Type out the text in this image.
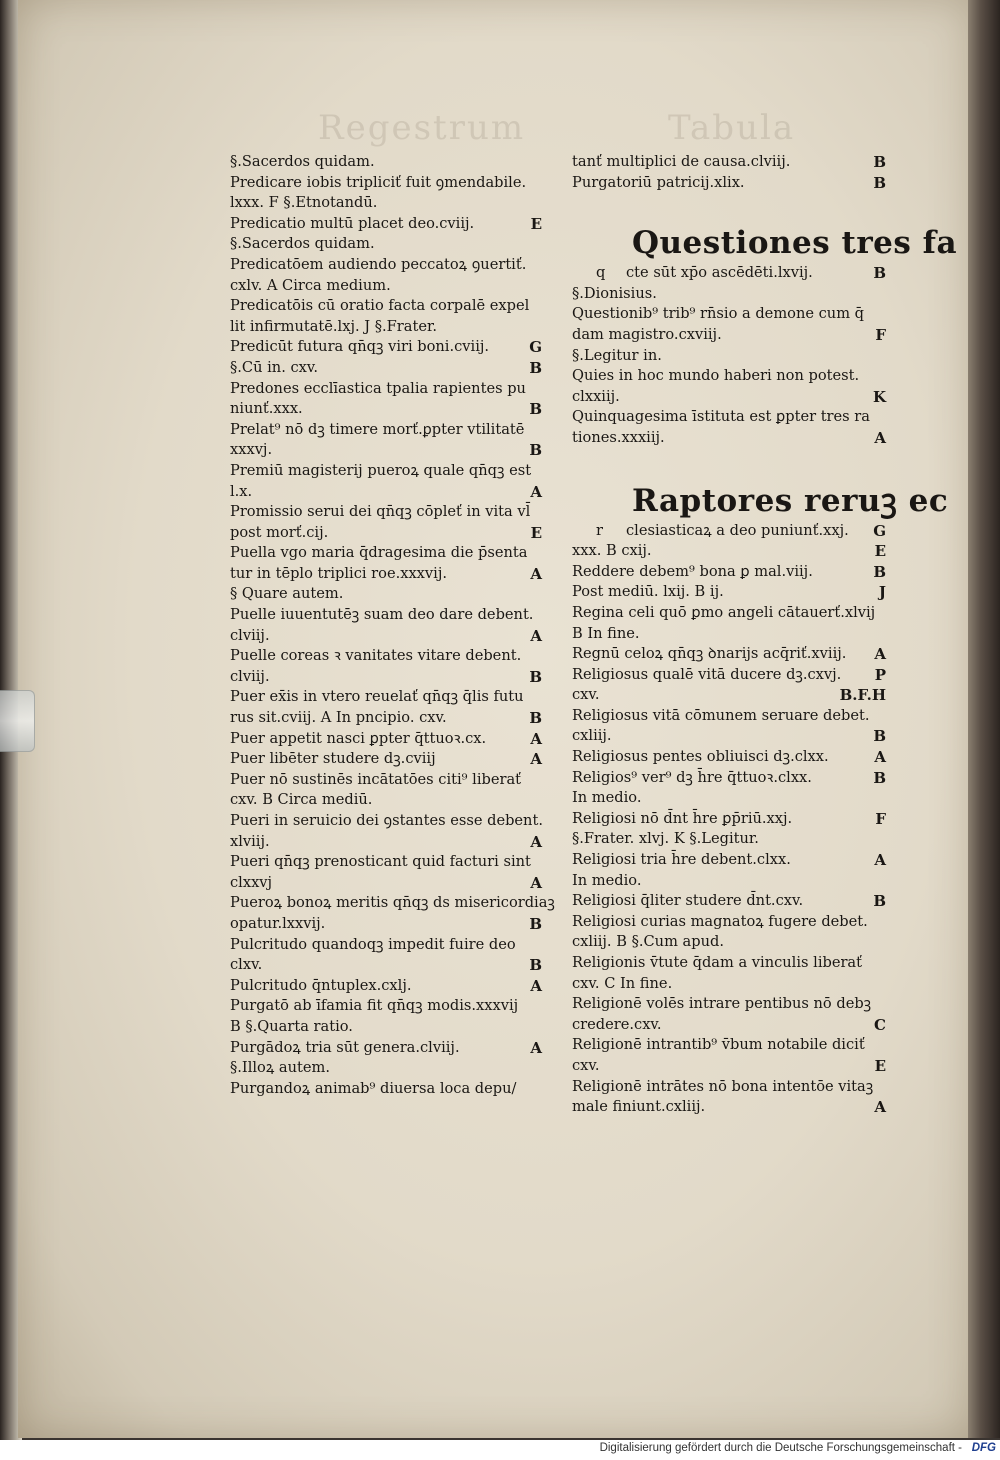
Regestrum	Tabula
§.Sacerdos quidam.
Predicare iobis tripliciť fuit ꝯmendabile.
lxxx. F §.Etnotandū.
Predicatio multū placet deo.cviij.	E
§.Sacerdos quidam.
Predicatōem audiendo peccatoꝝ ꝯuertiť.
cxlv. A Circa medium.
Predicatōis cū oratio facta corpalē expel
lit infirmutatē.lxj. J §.Frater.
Predicūt futura qn̄qꝫ viri boni.cviij.	G
§.Cū in. cxv.	B
Predones ecclīastica tpalia rapientes pu
niunť.xxx.	B
Prelat⁹ nō dꝫ timere morť.ꝑpter vtilitatē
xxxvj.	B
Premiū magisterij pueroꝝ quale qn̄qꝫ est
l.x.	A
Promissio serui dei qn̄qꝫ cōpleť in vita vl̄
post morť.cij.	E
Puella vgo maria q̄dragesima die p̄senta
tur in tēplo triplici roe.xxxvij.	A
§ Quare autem.
Puelle iuuentutēꝫ suam deo dare debent.
clviij.	A
Puelle coreas ꝛ vanitates vitare debent.
clviij.	B
Puer ex̄is in vtero reuelať qn̄qꝫ q̄lis futu
rus sit.cviij. A In pncipio. cxv.	B
Puer appetit nasci ꝑpter q̄ttuoꝛ.cx.	A
Puer libēter studere dꝫ.cviij	A
Puer nō sustinēs incātatōes citi⁹ liberať
cxv. B Circa mediū.
Pueri in seruicio dei ꝯstantes esse debent.
xlviij.	A
Pueri qn̄qꝫ prenosticant quid facturi sint
clxxvj	A
Pueroꝝ bonoꝝ meritis qn̄qꝫ ds misericordiaꝫ
opatur.lxxvij.	B
Pulcritudo quandoqꝫ impedit fuire deo
clxv.	B
Pulcritudo q̄ntuplex.cxlj.	A
Purgatō ab īfamia fit qn̄qꝫ modis.xxxvij
B §.Quarta ratio.
Purgādoꝝ tria sūt genera.clviij.	A
§.Illoꝝ autem.
Purgandoꝝ animab⁹ diuersa loca depu/
tanť multiplici de causa.clviij.	B
Purgatoriū patricij.xlix.	B
Questiones tres fa
q cte sūt xp̄o ascēdēti.lxvij.	B
§.Dionisius.
Questionib⁹ trib⁹ rn̄sio a demone cum q̄
dam magistro.cxviij.	F
§.Legitur in.
Quies in hoc mundo haberi non potest.
clxxiij.	K
Quinquagesima īstituta est ꝑpter tres ra
tiones.xxxiij.	A
Raptores reruꝫ ec
r clesiasticaꝝ a deo puniunť.xxj. G
xxx. B cxij.	E
Reddere debem⁹ bona ꝑ mal.viij.	B
Post mediū. lxij. B ij.	J
Regina celi quō ꝑmo angeli cātauerť.xlvij
B In fine.
Regnū celoꝝ qn̄qꝫ ꝺnarijs acq̄riť.xviij. A
Religiosus qualē vitā ducere dꝫ.cxvj. P
cxv.	B.F.H
Religiosus vitā cōmunem seruare debet.
cxliij.	B
Religiosus pentes obliuisci dꝫ.clxx.	A
Religios⁹ ver⁹ dꝫ h̄re q̄ttuoꝛ.clxx.	B
In medio.
Religiosi nō d̄nt h̄re ꝑp̄riū.xxj.	F
§.Frater. xlvj. K §.Legitur.
Religiosi tria h̄re debent.clxx.	A
In medio.
Religiosi q̄liter studere d̄nt.cxv.	B
Religiosi curias magnatoꝝ fugere debet.
cxliij. B §.Cum apud.
Religionis v̄tute q̄dam a vinculis liberať
cxv. C In fine.
Religionē volēs intrare pentibus nō debꝫ
credere.cxv.	C
Religionē intrantib⁹ v̄bum notabile diciť
cxv.	E
Religionē intrātes nō bona intentōe vitaꝫ
male finiunt.cxliij.	A
Digitalisierung gefördert durch die Deutsche Forschungsgemeinschaft - DFG
